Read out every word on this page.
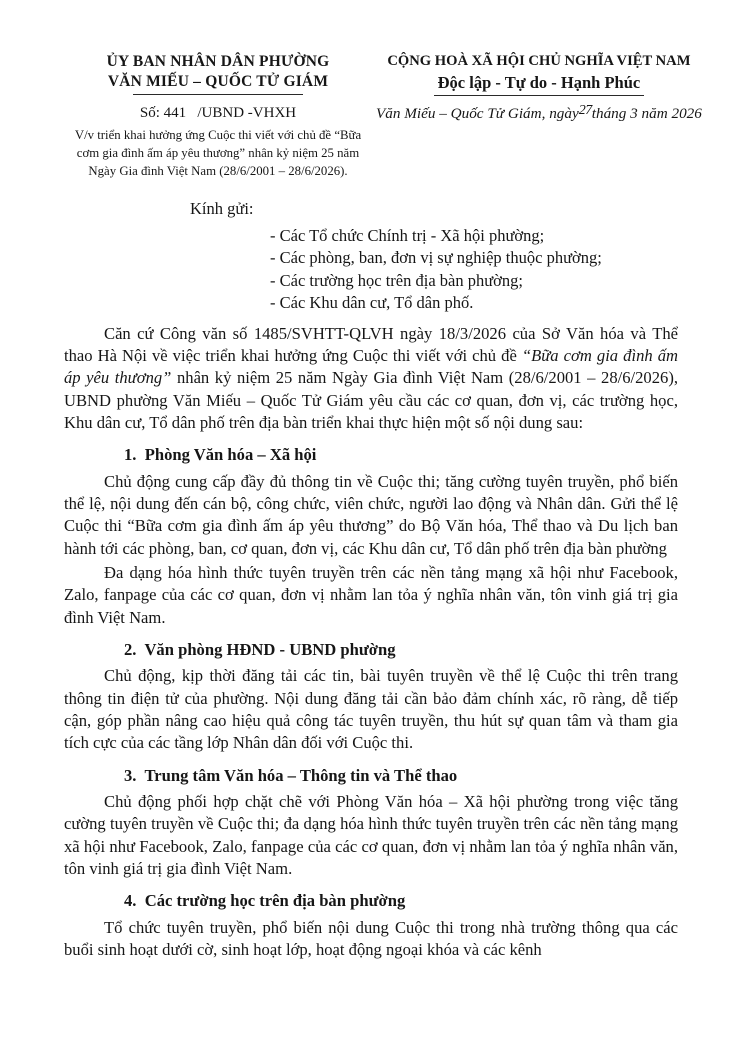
ỦY BAN NHÂN DÂN PHƯỜNG
VĂN MIẾU – QUỐC TỬ GIÁM
Số: 441   /UBND -VHXH
V/v triển khai hưởng ứng Cuộc thi viết với chủ đề “Bữa cơm gia đình ấm áp yêu thương” nhân kỷ niệm 25 năm Ngày Gia đình Việt Nam (28/6/2001 – 28/6/2026).
CỘNG HOÀ XÃ HỘI CHỦ NGHĨA VIỆT NAM
Độc lập - Tự do - Hạnh Phúc
Văn Miếu – Quốc Tử Giám, ngày27tháng 3 năm 2026
Kính gửi:
- Các Tổ chức Chính trị - Xã hội phường;
- Các phòng, ban, đơn vị sự nghiệp thuộc phường;
- Các trường học trên địa bàn phường;
- Các Khu dân cư, Tổ dân phố.

Căn cứ Công văn số 1485/SVHTT-QLVH ngày 18/3/2026 của Sở Văn hóa và Thể thao Hà Nội về việc triển khai hưởng ứng Cuộc thi viết với chủ đề “Bữa cơm gia đình ấm áp yêu thương” nhân kỷ niệm 25 năm Ngày Gia đình Việt Nam (28/6/2001 – 28/6/2026), UBND phường Văn Miếu – Quốc Tử Giám yêu cầu các cơ quan, đơn vị, các trường học, Khu dân cư, Tổ dân phố trên địa bàn triển khai thực hiện một số nội dung sau:

1.  Phòng Văn hóa – Xã hội

Chủ động cung cấp đầy đủ thông tin về Cuộc thi; tăng cường tuyên truyền, phổ biến thể lệ, nội dung đến cán bộ, công chức, viên chức, người lao động và Nhân dân. Gửi thể lệ Cuộc thi “Bữa cơm gia đình ấm áp yêu thương” do Bộ Văn hóa, Thể thao và Du lịch ban hành tới các phòng, ban, cơ quan, đơn vị, các Khu dân cư, Tổ dân phố trên địa bàn phường

Đa dạng hóa hình thức tuyên truyền trên các nền tảng mạng xã hội như Facebook, Zalo, fanpage của các cơ quan, đơn vị nhằm lan tỏa ý nghĩa nhân văn, tôn vinh giá trị gia đình Việt Nam.

2.  Văn phòng HĐND - UBND phường

Chủ động, kịp thời đăng tải các tin, bài tuyên truyền về thể lệ Cuộc thi trên trang thông tin điện tử của phường. Nội dung đăng tải cần bảo đảm chính xác, rõ ràng, dễ tiếp cận, góp phần nâng cao hiệu quả công tác tuyên truyền, thu hút sự quan tâm và tham gia tích cực của các tầng lớp Nhân dân đối với Cuộc thi.

3.  Trung tâm Văn hóa – Thông tin và Thể thao

Chủ động phối hợp chặt chẽ với Phòng Văn hóa – Xã hội phường trong việc tăng cường tuyên truyền về Cuộc thi; đa dạng hóa hình thức tuyên truyền trên các nền tảng mạng xã hội như Facebook, Zalo, fanpage của các cơ quan, đơn vị nhằm lan tỏa ý nghĩa nhân văn, tôn vinh giá trị gia đình Việt Nam.

4.  Các trường học trên địa bàn phường

Tổ chức tuyên truyền, phổ biến nội dung Cuộc thi trong nhà trường thông qua các buổi sinh hoạt dưới cờ, sinh hoạt lớp, hoạt động ngoại khóa và các kênh
